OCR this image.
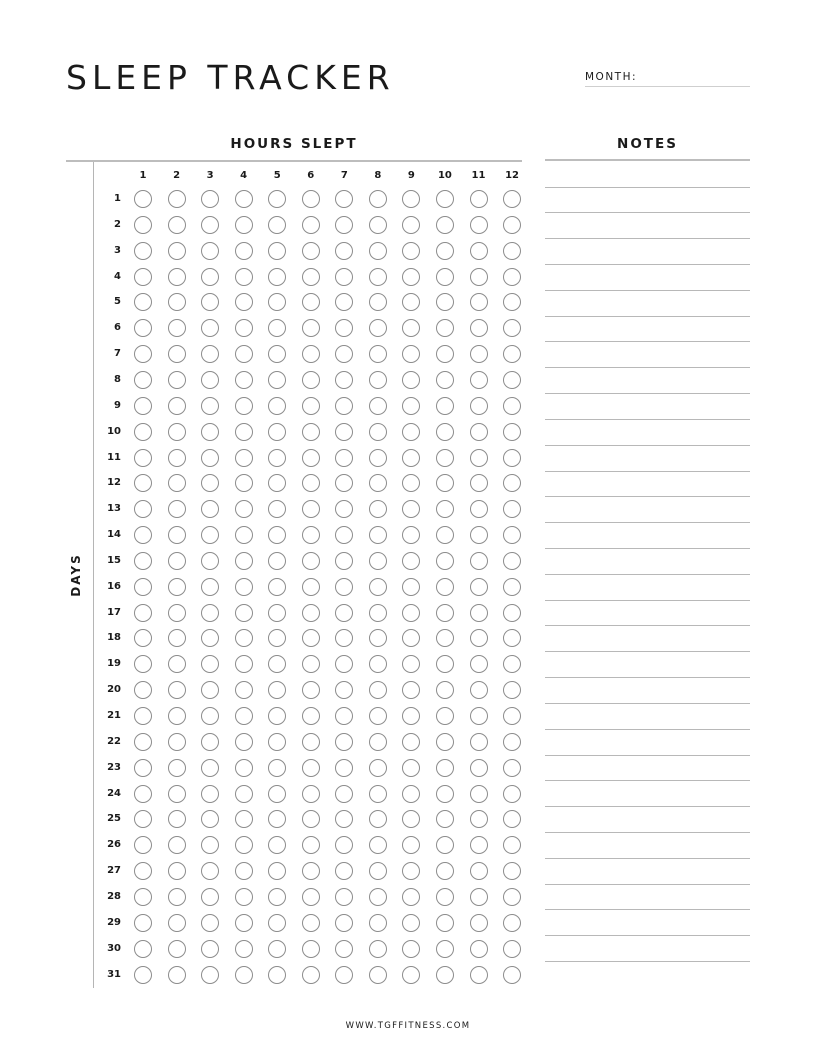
SLEEP TRACKER	MONTH:
HOURS SLEPT	NOTES
DAYS
1	2	3	4	5	6	7	8	9	10	11	12
1
2
3
4
5
6
7
8
9
10
11
12
13
14
15
16
17
18
19
20
21
22
23
24
25
26
27
28
29
30
31
WWW.TGFFITNESS.COM
